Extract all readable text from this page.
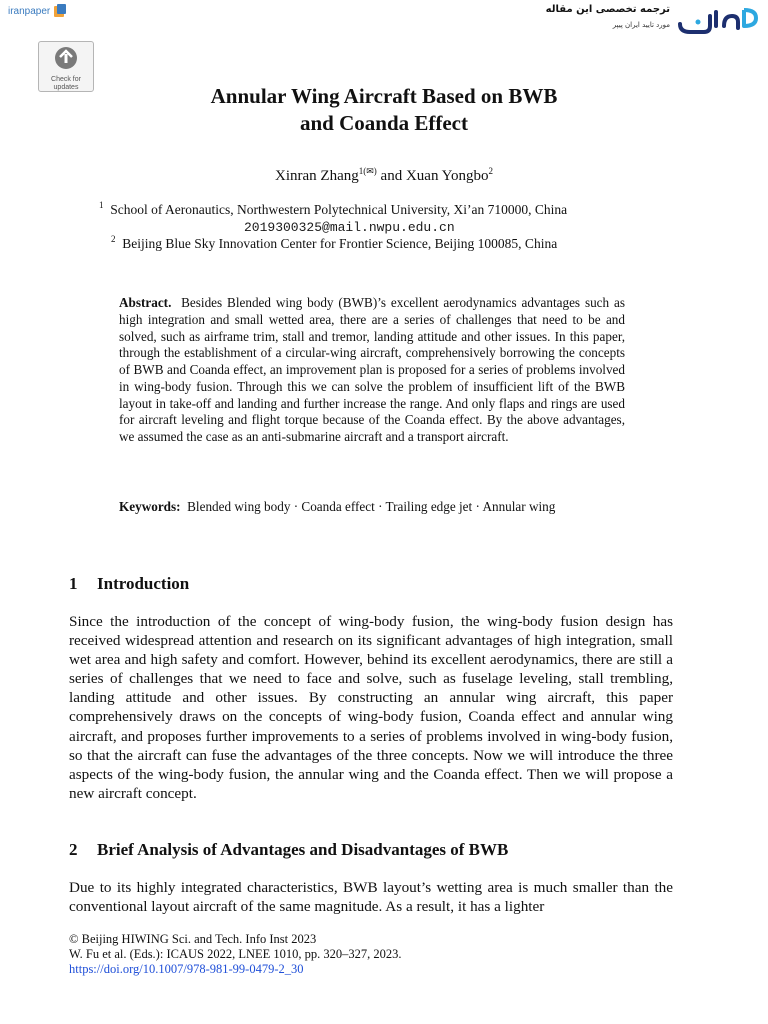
iranpaper	ترجمه تخصصی این مقاله
مورد تایید ایران پیپر
Check for
updates	Annular Wing Aircraft Based on BWB
and Coanda Effect
Xinran Zhang$^{1(✉)}$ and Xuan Yongbo$^2$
$^1$ School of Aeronautics, Northwestern Polytechnical University, Xi’an 710000, China
2019300325@mail.nwpu.edu.cn
$^2$ Beijing Blue Sky Innovation Center for Frontier Science, Beijing 100085, China
Abstract. Besides Blended wing body (BWB)’s excellent aerodynamics advantages such as high integration and small wetted area, there are a series of challenges that need to be and solved, such as airframe trim, stall and tremor, landing attitude and other issues. In this paper, through the establishment of a circular-wing aircraft, comprehensively borrowing the concepts of BWB and Coanda effect, an improvement plan is proposed for a series of problems involved in wing-body fusion. Through this we can solve the problem of insufficient lift of the BWB layout in take-off and landing and further increase the range. And only flaps and rings are used for aircraft leveling and flight torque because of the Coanda effect. By the above advantages, we assumed the case as an anti-submarine aircraft and a transport aircraft.
Keywords: Blended wing body · Coanda effect · Trailing edge jet · Annular wing
1 Introduction
Since the introduction of the concept of wing-body fusion, the wing-body fusion design has received widespread attention and research on its significant advantages of high integration, small wet area and high safety and comfort. However, behind its excellent aerodynamics, there are still a series of challenges that we need to face and solve, such as fuselage leveling, stall trembling, landing attitude and other issues. By constructing an annular wing aircraft, this paper comprehensively draws on the concepts of wing-body fusion, Coanda effect and annular wing aircraft, and proposes further improvements to a series of problems involved in wing-body fusion, so that the aircraft can fuse the advantages of the three concepts. Now we will introduce the three aspects of the wing-body fusion, the annular wing and the Coanda effect. Then we will propose a new aircraft concept.
2 Brief Analysis of Advantages and Disadvantages of BWB
Due to its highly integrated characteristics, BWB layout’s wetting area is much smaller than the conventional layout aircraft of the same magnitude. As a result, it has a lighter
© Beijing HIWING Sci. and Tech. Info Inst 2023
W. Fu et al. (Eds.): ICAUS 2022, LNEE 1010, pp. 320–327, 2023.
https://doi.org/10.1007/978-981-99-0479-2_30
